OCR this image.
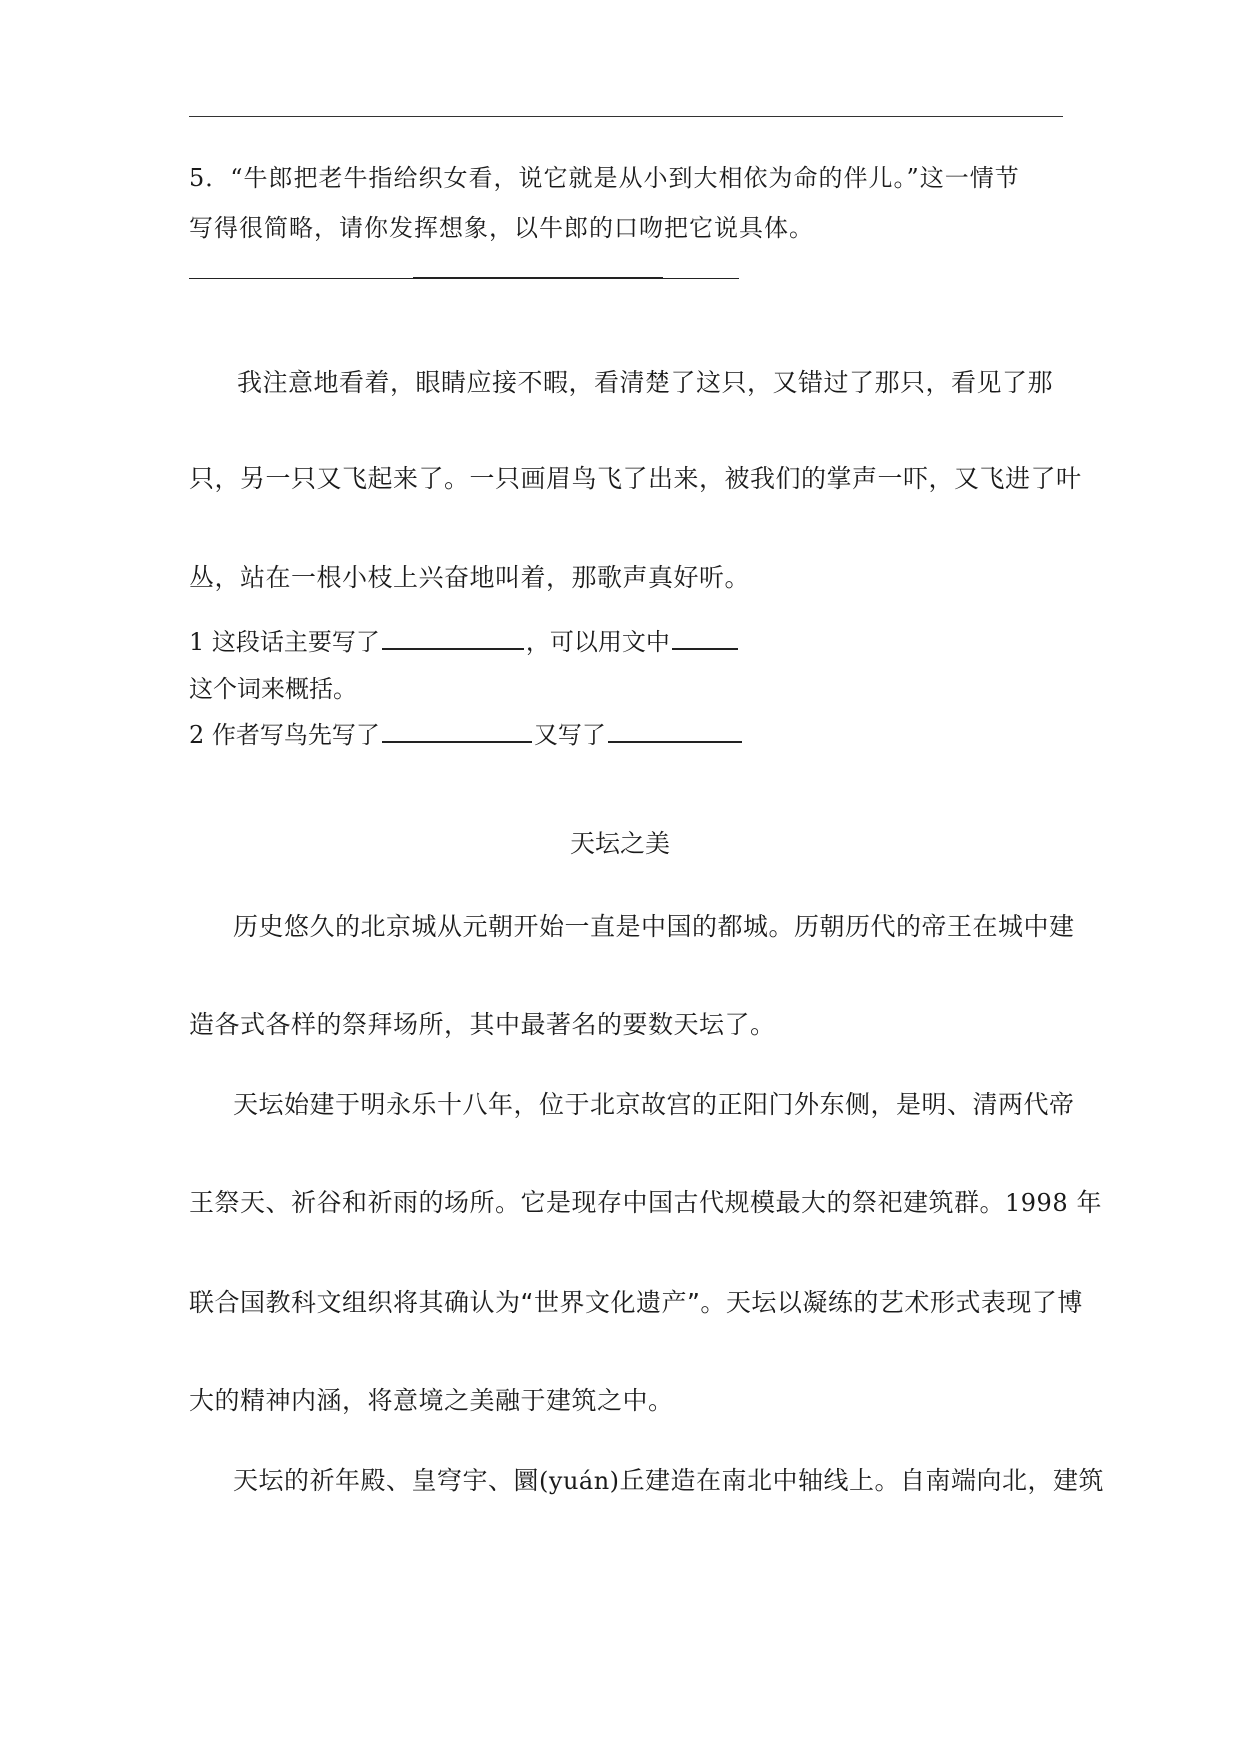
5．“牛郎把老牛指给织女看，说它就是从小到大相依为命的伴儿。”这一情节
写得很简略，请你发挥想象，以牛郎的口吻把它说具体。
我注意地看着，眼睛应接不暇，看清楚了这只，又错过了那只，看见了那
只，另一只又飞起来了。一只画眉鸟飞了出来，被我们的掌声一吓，又飞进了叶
丛，站在一根小枝上兴奋地叫着，那歌声真好听。
1 这段话主要写了	，可以用文中
这个词来概括。
2 作者写鸟先写了	又写了
天坛之美
历史悠久的北京城从元朝开始一直是中国的都城。历朝历代的帝王在城中建
造各式各样的祭拜场所，其中最著名的要数天坛了。
天坛始建于明永乐十八年，位于北京故宫的正阳门外东侧，是明、清两代帝
王祭天、祈谷和祈雨的场所。它是现存中国古代规模最大的祭祀建筑群。1998 年
联合国教科文组织将其确认为“世界文化遗产”。天坛以凝练的艺术形式表现了博
大的精神内涵，将意境之美融于建筑之中。
天坛的祈年殿、皇穹宇、圜(yuán)丘建造在南北中轴线上。自南端向北，建筑
